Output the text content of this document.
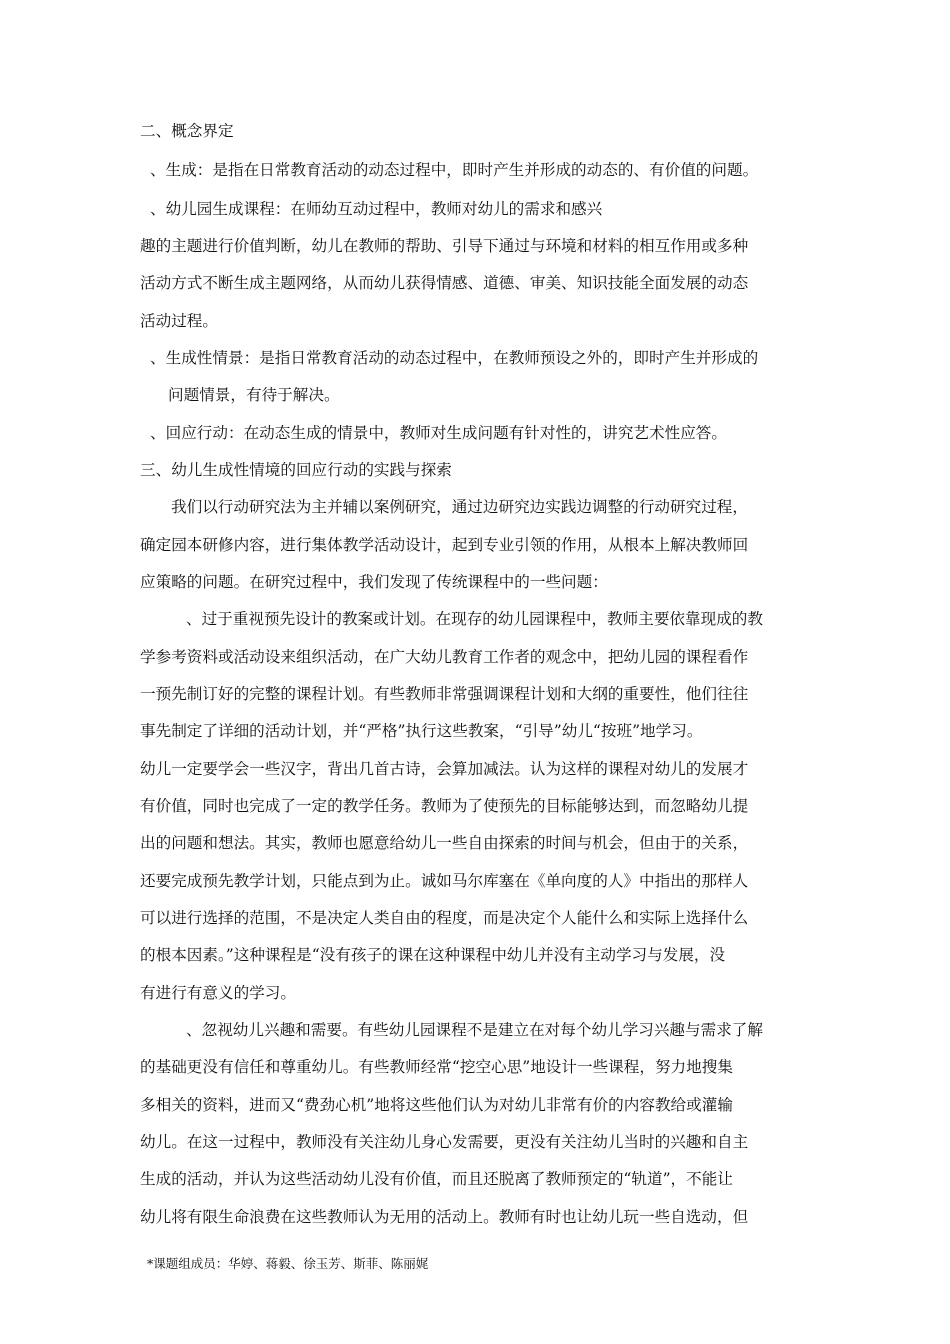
二、概念界定
、生成：是指在日常教育活动的动态过程中，即时产生并形成的动态的、有价值的问题。
、幼儿园生成课程：在师幼互动过程中，教师对幼儿的需求和感兴
趣的主题进行价值判断，幼儿在教师的帮助、引导下通过与环境和材料的相互作用或多种
活动方式不断生成主题网络，从而幼儿获得情感、道德、审美、知识技能全面发展的动态
活动过程。
、生成性情景：是指日常教育活动的动态过程中，在教师预设之外的，即时产生并形成的
问题情景，有待于解决。
、回应行动：在动态生成的情景中，教师对生成问题有针对性的，讲究艺术性应答。
三、幼儿生成性情境的回应行动的实践与探索
我们以行动研究法为主并辅以案例研究，通过边研究边实践边调整的行动研究过程，
确定园本研修内容，进行集体教学活动设计，起到专业引领的作用，从根本上解决教师回
应策略的问题。在研究过程中，我们发现了传统课程中的一些问题：
、过于重视预先设计的教案或计划。在现存的幼儿园课程中，教师主要依靠现成的教
学参考资料或活动设来组织活动，在广大幼儿教育工作者的观念中，把幼儿园的课程看作
一预先制订好的完整的课程计划。有些教师非常强调课程计划和大纲的重要性，他们往往
事先制定了详细的活动计划，并“严格”执行这些教案，“引导”幼儿“按班”地学习。
幼儿一定要学会一些汉字，背出几首古诗，会算加减法。认为这样的课程对幼儿的发展才
有价值，同时也完成了一定的教学任务。教师为了使预先的目标能够达到，而忽略幼儿提
出的问题和想法。其实，教师也愿意给幼儿一些自由探索的时间与机会，但由于的关系，
还要完成预先教学计划，只能点到为止。诚如马尔库塞在《单向度的人》中指出的那样人
可以进行选择的范围，不是决定人类自由的程度，而是决定个人能什么和实际上选择什么
的根本因素。”这种课程是“没有孩子的课在这种课程中幼儿并没有主动学习与发展，没
有进行有意义的学习。
、忽视幼儿兴趣和需要。有些幼儿园课程不是建立在对每个幼儿学习兴趣与需求了解
的基础更没有信任和尊重幼儿。有些教师经常“挖空心思”地设计一些课程，努力地搜集
多相关的资料，进而又“费劲心机”地将这些他们认为对幼儿非常有价的内容教给或灌输
幼儿。在这一过程中，教师没有关注幼儿身心发需要，更没有关注幼儿当时的兴趣和自主
生成的活动，并认为这些活动幼儿没有价值，而且还脱离了教师预定的“轨道”，不能让
幼儿将有限生命浪费在这些教师认为无用的活动上。教师有时也让幼儿玩一些自选动，但
*课题组成员：华婷、蒋毅、徐玉芳、斯菲、陈丽娓
